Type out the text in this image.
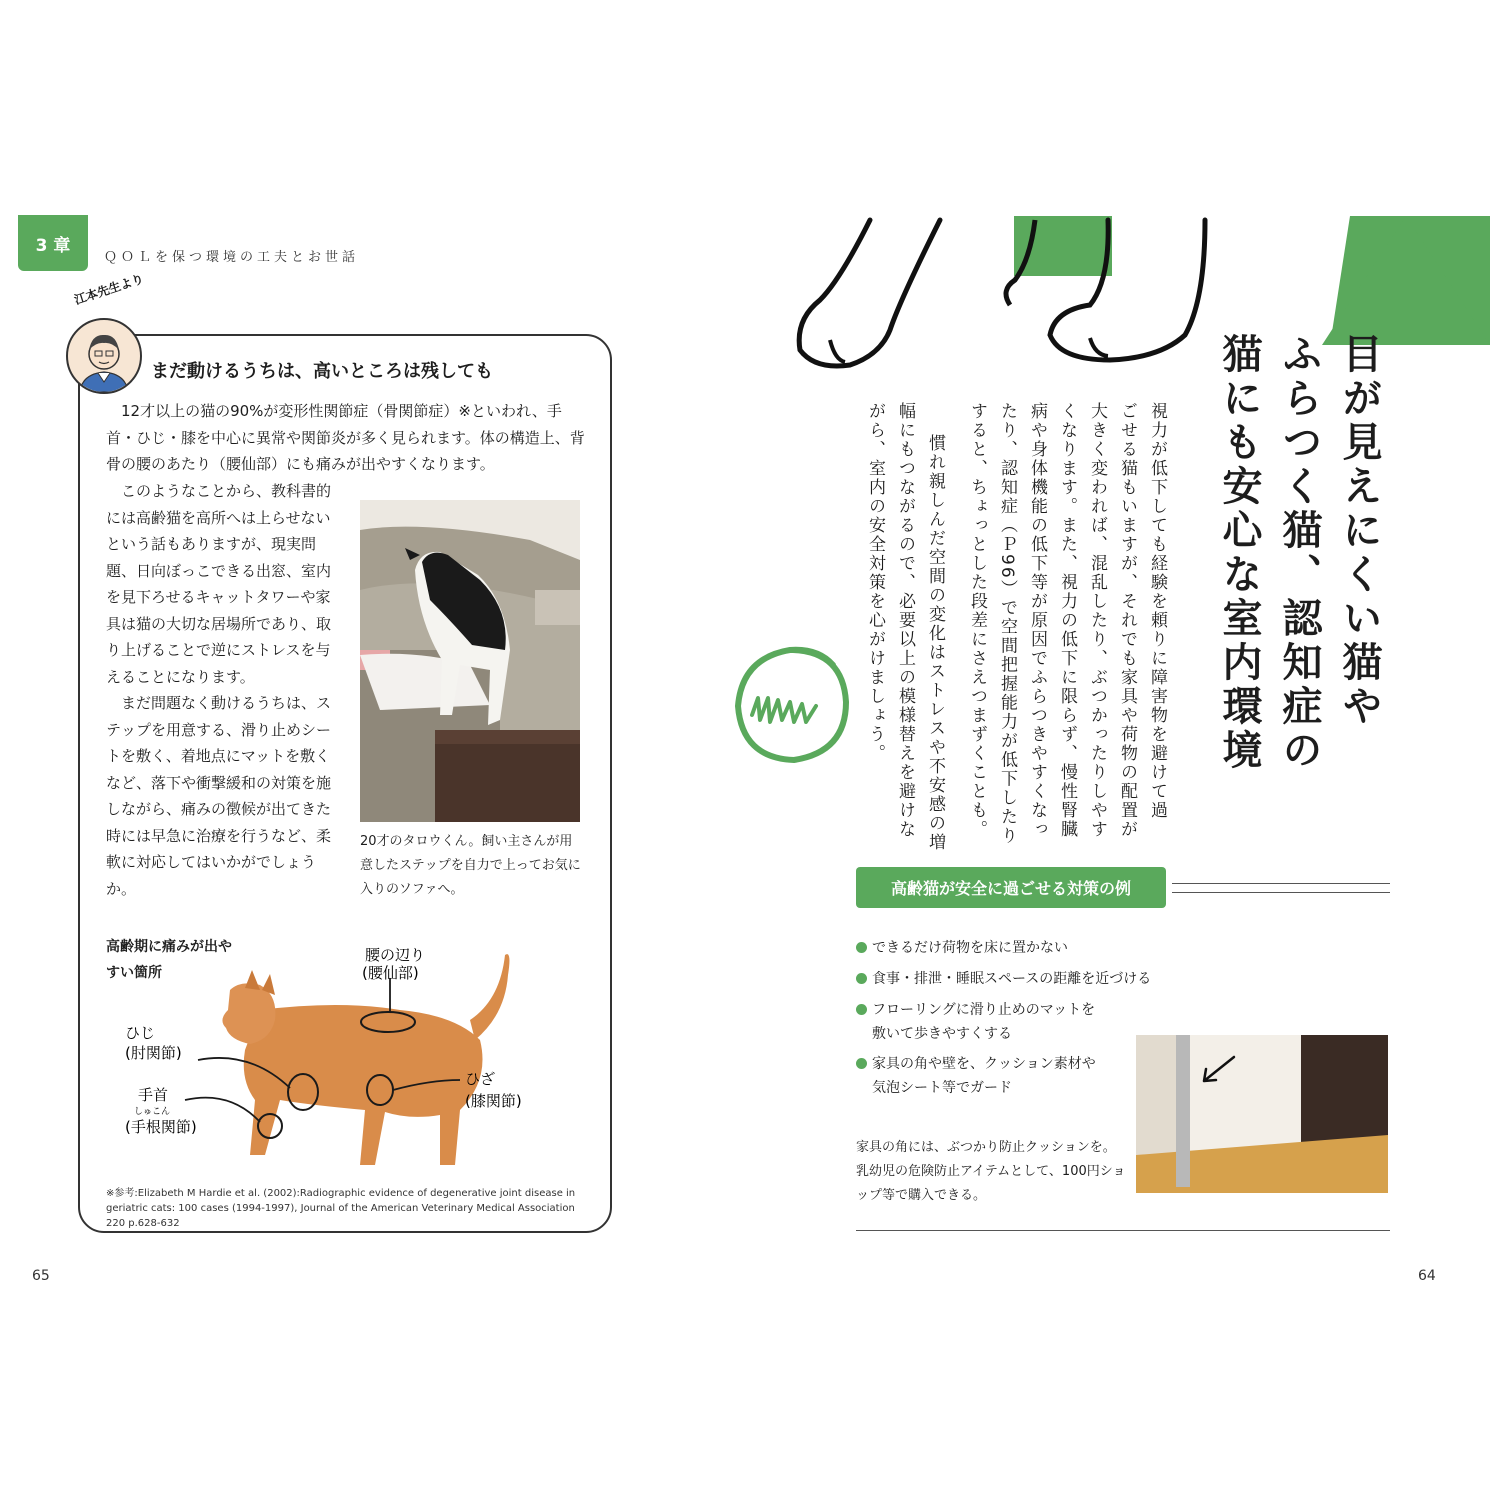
3 章
ＱＯＬを保つ環境の工夫とお世話
江本先生より
まだ動けるうちは、高いところは残しても
12才以上の猫の90%が変形性関節症（骨関節症）※といわれ、手首・ひじ・膝を中心に異常や関節炎が多く見られます。体の構造上、背骨の腰のあたり（腰仙部）にも痛みが出やすくなります。
このようなことから、教科書的には高齢猫を高所へは上らせないという話もありますが、現実問題、日向ぼっこできる出窓、室内を見下ろせるキャットタワーや家具は猫の大切な居場所であり、取り上げることで逆にストレスを与えることになります。
まだ問題なく動けるうちは、ステップを用意する、滑り止めシートを敷く、着地点にマットを敷くなど、落下や衝撃緩和の対策を施しながら、痛みの徴候が出てきた時には早急に治療を行うなど、柔軟に対応してはいかがでしょうか。
20才のタロウくん。飼い主さんが用意したステップを自力で上ってお気に入りのソファへ。
高齢期に痛みが出やすい箇所
腰の辺り
(腰仙部)
ひじ
(肘関節)
手首
しゅこん
(手根関節)
ひざ
(膝関節)
※参考:Elizabeth M Hardie et al. (2002):Radiographic evidence of degenerative joint disease in geriatric cats: 100 cases (1994-1997), Journal of the American Veterinary Medical Association 220 p.628-632
65
目が見えにくい猫や
ふらつく猫、認知症の
猫にも安心な室内環境
視力が低下しても経験を頼りに障害物を避けて過
ごせる猫もいますが、それでも家具や荷物の配置が
大きく変われば、混乱したり、ぶつかったりしやす
くなります。また、視力の低下に限らず、慢性腎臓
病や身体機能の低下等が原因でふらつきやすくなっ
たり、認知症（Ｐ96）で空間把握能力が低下したり
すると、ちょっとした段差にさえつまずくことも。
慣れ親しんだ空間の変化はストレスや不安感の増
幅にもつながるので、必要以上の模様替えを避けな
がら、室内の安全対策を心がけましょう。
高齢猫が安全に過ごせる対策の例
できるだけ荷物を床に置かない
食事・排泄・睡眠スペースの距離を近づける
フローリングに滑り止めのマットを
敷いて歩きやすくする
家具の角や壁を、クッション素材や
気泡シート等でガード
家具の角には、ぶつかり防止クッションを。乳幼児の危険防止アイテムとして、100円ショップ等で購入できる。
64
